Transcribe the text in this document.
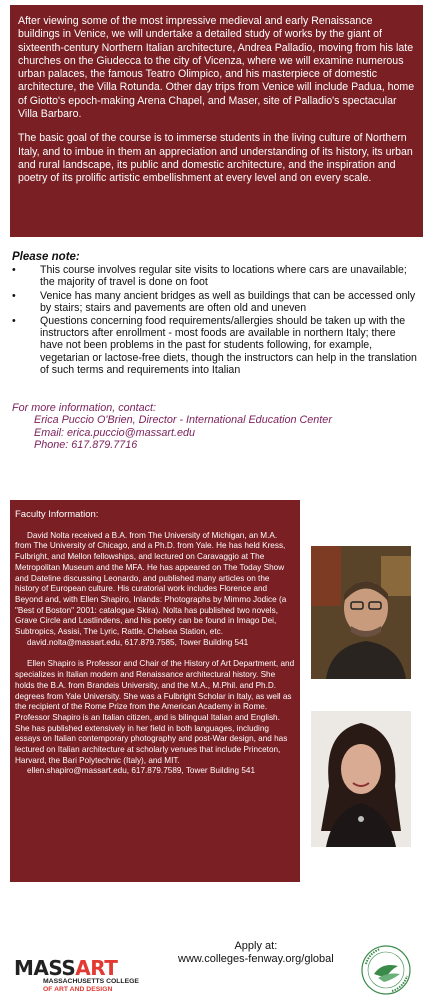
After viewing some of the most impressive medieval and early Renaissance buildings in Venice, we will undertake a detailed study of works by the giant of sixteenth-century Northern Italian architecture, Andrea Palladio, moving from his late churches on the Giudecca to the city of Vicenza, where we will examine numerous urban palaces, the famous Teatro Olimpico, and his masterpiece of domestic architecture, the Villa Rotunda. Other day trips from Venice will include Padua, home of Giotto's epoch-making Arena Chapel, and Maser, site of Palladio's spectacular Villa Barbaro.

The basic goal of the course is to immerse students in the living culture of Northern Italy, and to imbue in them an appreciation and understanding of its history, its urban and rural landscape, its public and domestic architecture, and the inspiration and poetry of its prolific artistic embellishment at every level and on every scale.

Please note:
• This course involves regular site visits to locations where cars are unavailable; the majority of travel is done on foot
• Venice has many ancient bridges as well as buildings that can be accessed only by stairs; stairs and pavements are often old and uneven
• Questions concerning food requirements/allergies should be taken up with the instructors after enrollment - most foods are available in northern Italy; there have not been problems in the past for students following, for example, vegetarian or lactose-free diets, though the instructors can help in the translation of such terms and requirements into Italian
For more information, contact:
Erica Puccio O'Brien, Director - International Education Center
Email: erica.puccio@massart.edu
Phone: 617.879.7716
Faculty Information:

David Nolta received a B.A. from The University of Michigan, an M.A. from The University of Chicago, and a Ph.D. from Yale. He has held Kress, Fulbright, and Mellon fellowships, and lectured on Caravaggio at The Metropolitan Museum and the MFA. He has appeared on The Today Show and Dateline discussing Leonardo, and published many articles on the history of European culture. His curatorial work includes Florence and Beyond and, with Ellen Shapiro, Inlands: Photographs by Mimmo Jodice (a "Best of Boston" 2001: catalogue Skira). Nolta has published two novels, Grave Circle and Lostlindens, and his poetry can be found in Imago Dei, Subtropics, Assisi, The Lyric, Rattle, Chelsea Station, etc.

david.nolta@massart.edu, 617.879.7585, Tower Building 541

Ellen Shapiro is Professor and Chair of the History of Art Department, and specializes in Italian modern and Renaissance architectural history. She holds the B.A. from Brandeis University, and the M.A., M.Phil. and Ph.D. degrees from Yale University. She was a Fulbright Scholar in Italy, as well as the recipient of the Rome Prize from the American Academy in Rome. Professor Shapiro is an Italian citizen, and is bilingual Italian and English. She has published extensively in her field in both languages, including essays on Italian contemporary photography and post-War design, and has lectured on Italian architecture at scholarly venues that include Princeton, Harvard, the Bari Polytechnic (Italy), and MIT.

ellen.shapiro@massart.edu, 617.879.7589, Tower Building 541

Apply at:
www.colleges-fenway.org/global
MASSART
MASSACHUSETTS COLLEGE
OF ART AND DESIGN
